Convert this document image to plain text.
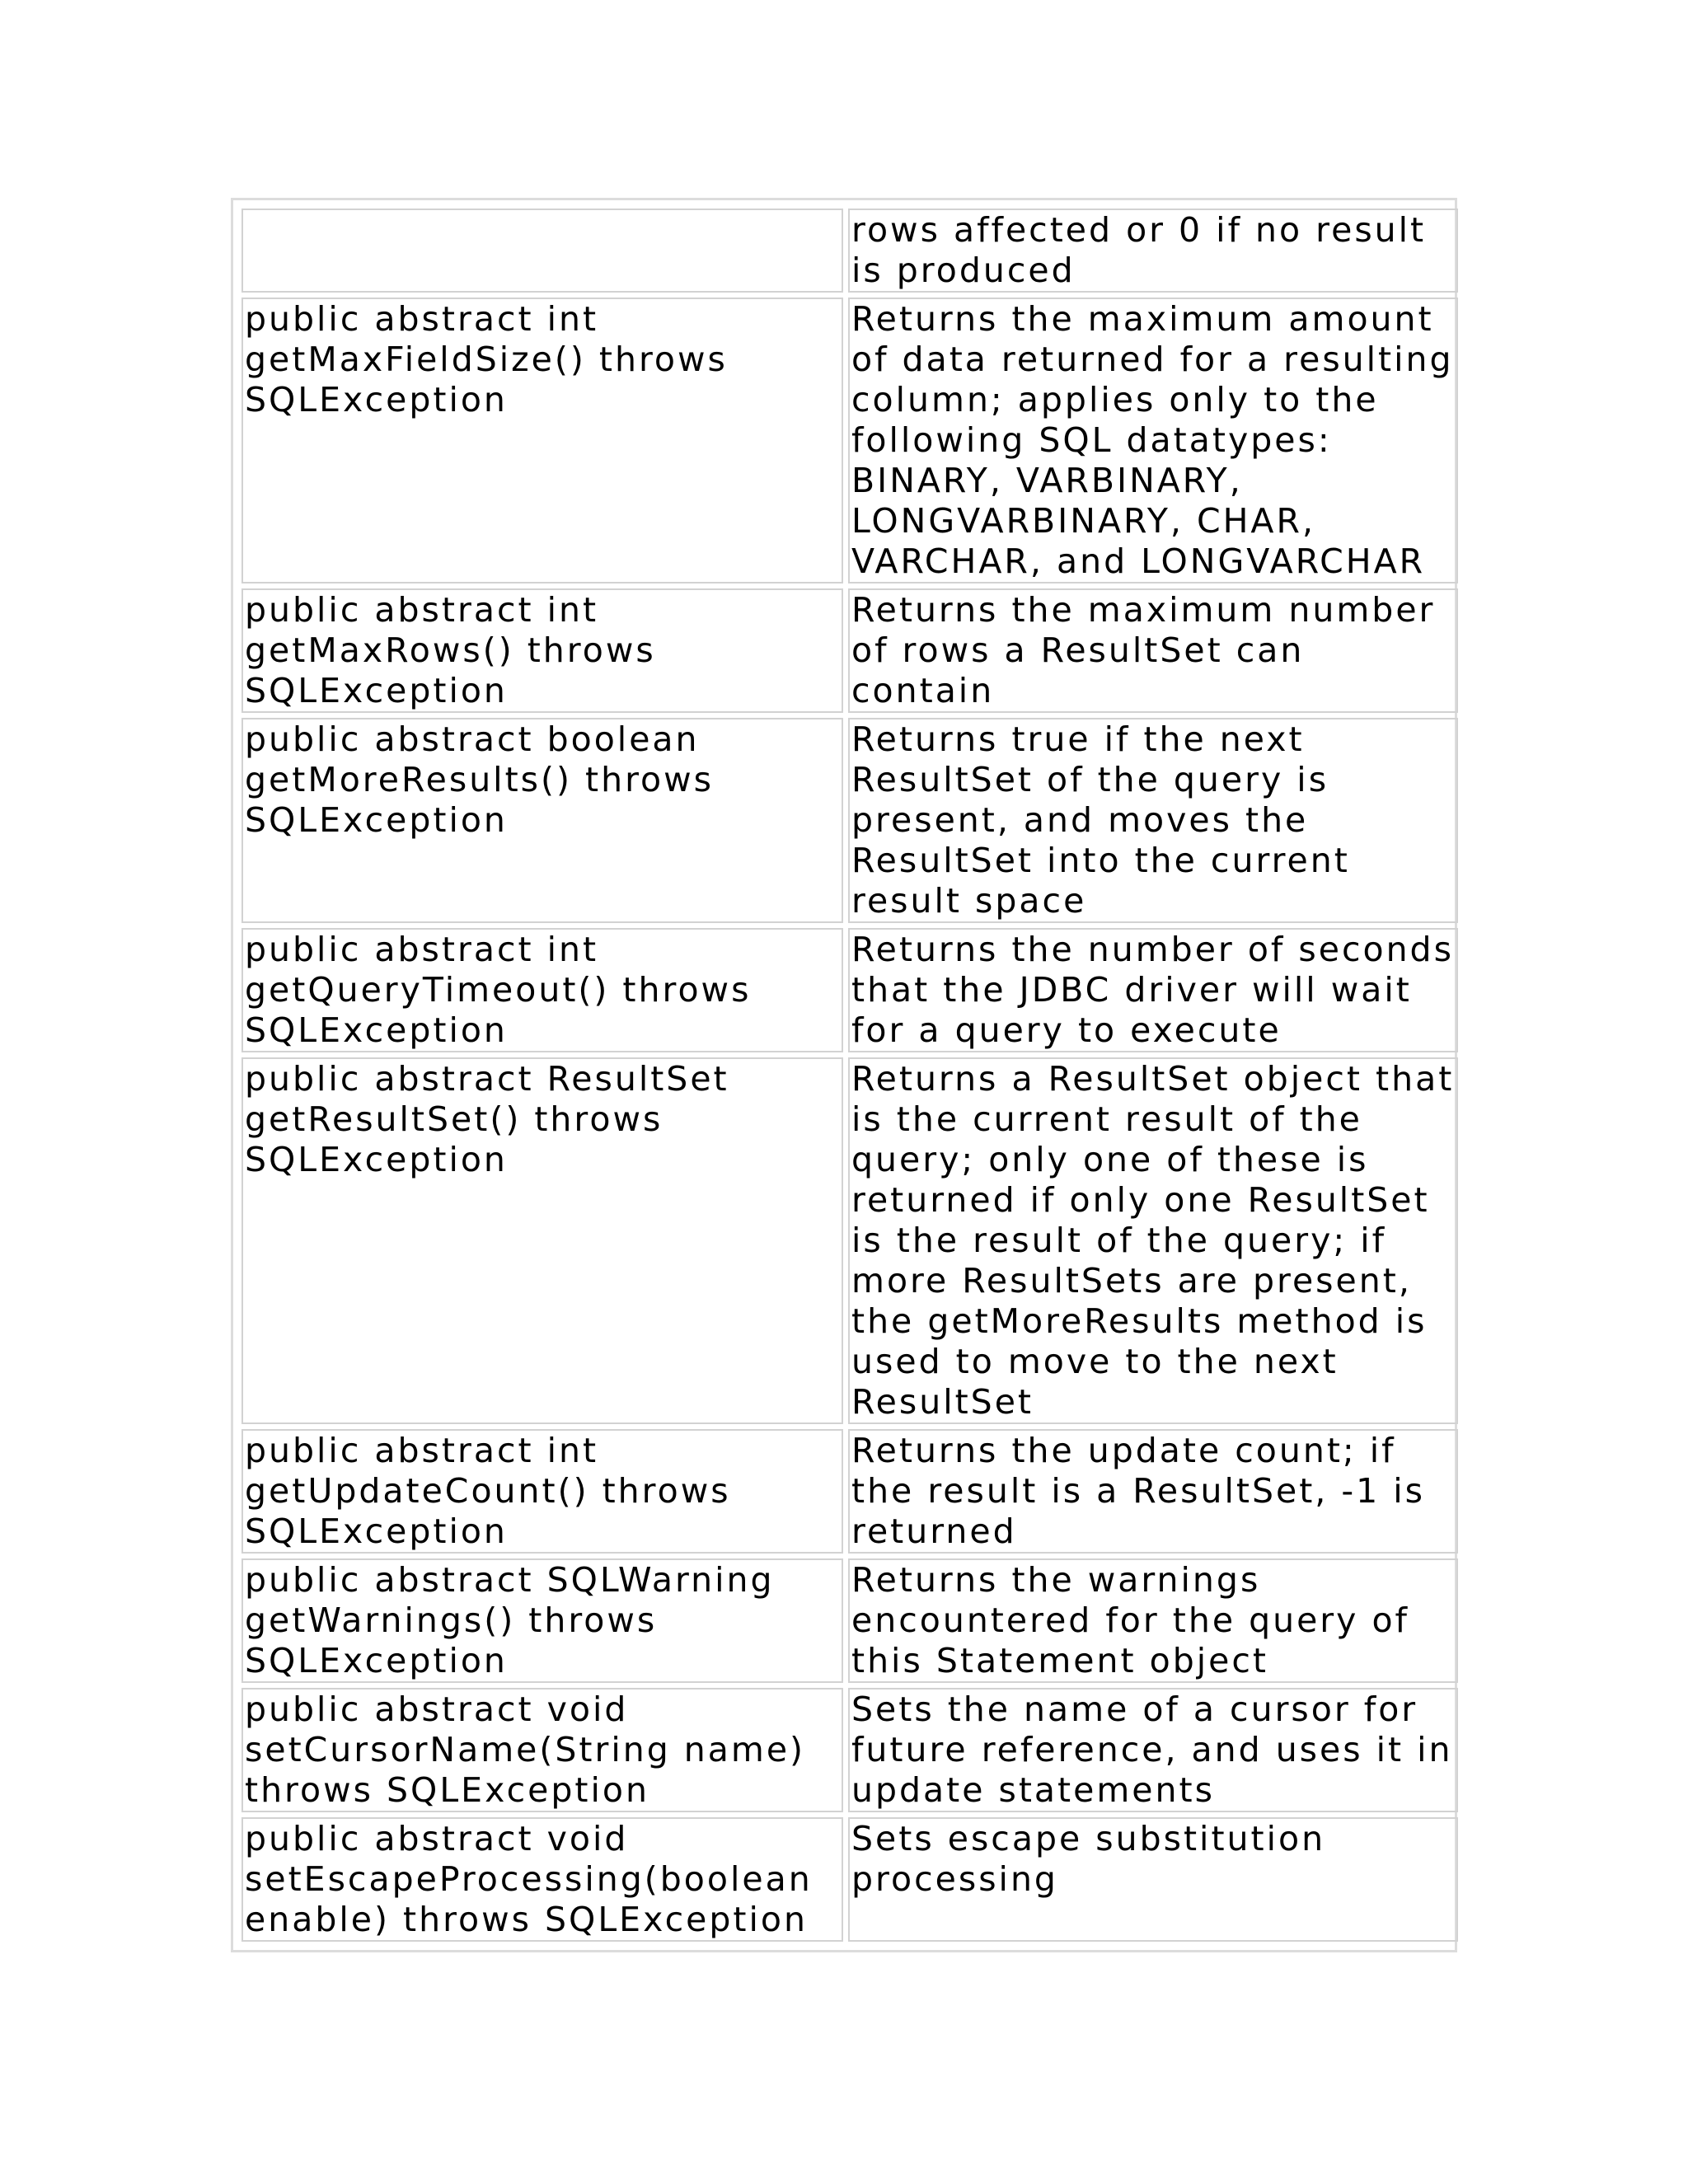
	rows affected or 0 if no result is produced
public abstract int getMaxFieldSize() throws SQLException	Returns the maximum amount of data returned for a resulting column; applies only to the following SQL datatypes: BINARY, VARBINARY, LONGVARBINARY, CHAR, VARCHAR, and LONGVARCHAR
public abstract int getMaxRows() throws SQLException	Returns the maximum number of rows a ResultSet can contain
public abstract boolean getMoreResults() throws SQLException	Returns true if the next ResultSet of the query is present, and moves the ResultSet into the current result space
public abstract int getQueryTimeout() throws SQLException	Returns the number of seconds that the JDBC driver will wait for a query to execute
public abstract ResultSet getResultSet() throws SQLException	Returns a ResultSet object that is the current result of the query; only one of these is returned if only one ResultSet is the result of the query; if more ResultSets are present, the getMoreResults method is used to move to the next ResultSet
public abstract int getUpdateCount() throws SQLException	Returns the update count; if the result is a ResultSet, -1 is returned
public abstract SQLWarning getWarnings() throws SQLException	Returns the warnings encountered for the query of this Statement object
public abstract void setCursorName(String name) throws SQLException	Sets the name of a cursor for future reference, and uses it in update statements
public abstract void setEscapeProcessing(boolean enable) throws SQLException	Sets escape substitution processing
